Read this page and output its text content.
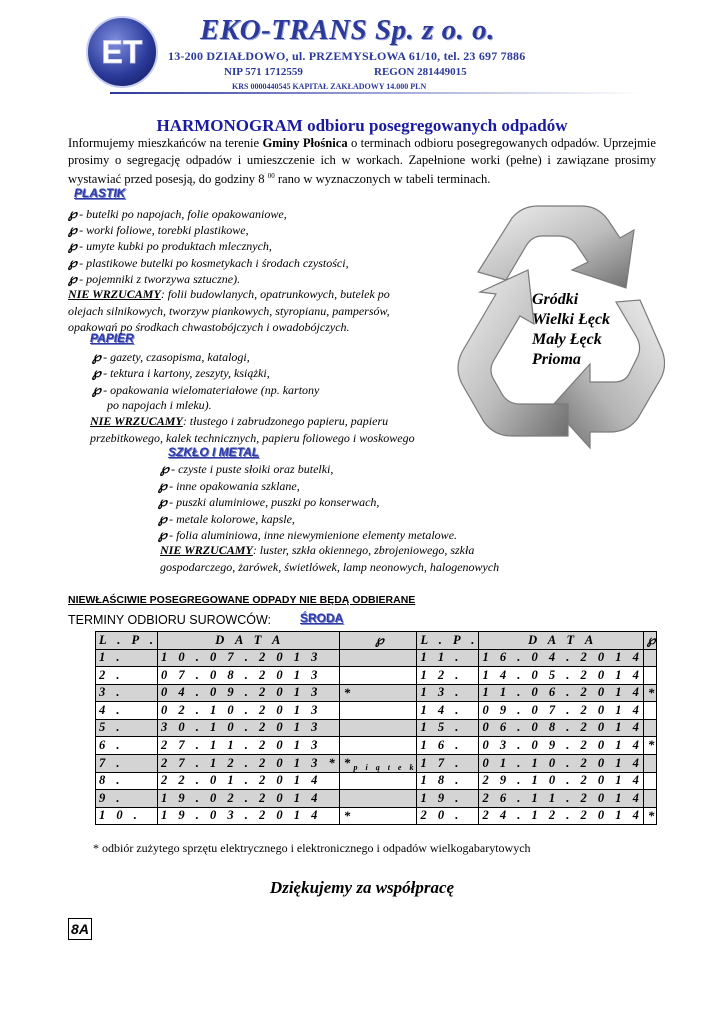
ET
EKO-TRANS Sp. z o. o.
13-200 DZIAŁDOWO, ul. PRZEMYSŁOWA 61/10, tel. 23 697 7886
NIP 571 1712559	REGON 281449015
KRS 0000440545 KAPITAŁ ZAKŁADOWY 14.000 PLN
HARMONOGRAM odbioru posegregowanych odpadów
Informujemy mieszkańców na terenie Gminy Płośnica o terminach odbioru posegregowanych odpadów. Uprzejmie prosimy o segregację odpadów i umieszczenie ich w workach. Zapełnione worki (pełne) i zawiązane prosimy wystawiać przed posesją, do godziny 8 $^{00}$ rano w wyznaczonych w tabeli terminach.
PLASTIK
℘ - butelki po napojach, folie opakowaniowe,
℘ - worki foliowe, torebki plastikowe,
℘ - umyte kubki po produktach mlecznych,
℘ - plastikowe butelki po kosmetykach i środach czystości,
℘ - pojemniki z tworzywa sztuczne).
NIE WRZUCAMY: folii budowlanych, opatrunkowych, butelek po
olejach silnikowych, tworzyw piankowych, styropianu, pampersów,
opakowań po środkach chwastobójczych i owadobójczych.
PAPIER
℘ - gazety, czasopisma, katalogi,
℘ - tektura i kartony, zeszyty, książki,
℘ - opakowania wielomateriałowe (np. kartony
po napojach i mleku).
NIE WRZUCAMY: tłustego i zabrudzonego papieru, papieru
przebitkowego, kalek technicznych, papieru foliowego i woskowego
SZKŁO I METAL
℘ - czyste i puste słoiki oraz butelki,
℘ - inne opakowania szklane,
℘ - puszki aluminiowe, puszki po konserwach,
℘ - metale kolorowe, kapsle,
℘ - folia aluminiowa, inne niewymienione elementy metalowe.
NIE WRZUCAMY: luster, szkła okiennego, zbrojeniowego, szkła
gospodarczego, żarówek, świetlówek, lamp neonowych, halogenowych
Gródki
Wielki Łęck
Mały Łęck
Prioma
NIEWŁAŚCIWIE POSEGREGOWANE ODPADY NIE BĘDĄ ODBIERANE
TERMINY ODBIORU SUROWCÓW: ŚRODA
L . P .	D A T A	℘	L . P .	D A T A	℘
1 .	1 0 . 0 7 . 2 0 1 3		1 1 .	1 6 . 0 4 . 2 0 1 4	
2 .	0 7 . 0 8 . 2 0 1 3		1 2 .	1 4 . 0 5 . 2 0 1 4	
3 .	0 4 . 0 9 . 2 0 1 3	*	1 3 .	1 1 . 0 6 . 2 0 1 4	*
4 .	0 2 . 1 0 . 2 0 1 3		1 4 .	0 9 . 0 7 . 2 0 1 4	
5 .	3 0 . 1 0 . 2 0 1 3		1 5 .	0 6 . 0 8 . 2 0 1 4	
6 .	2 7 . 1 1 . 2 0 1 3		1 6 .	0 3 . 0 9 . 2 0 1 4	*
7 .	2 7 . 1 2 . 2 0 1 3 *	* $_{p i ą t e k}$	1 7 .	0 1 . 1 0 . 2 0 1 4	
8 .	2 2 . 0 1 . 2 0 1 4		1 8 .	2 9 . 1 0 . 2 0 1 4	
9 .	1 9 . 0 2 . 2 0 1 4		1 9 .	2 6 . 1 1 . 2 0 1 4	
1 0 .	1 9 . 0 3 . 2 0 1 4	*	2 0 .	2 4 . 1 2 . 2 0 1 4	*
* odbiór zużytego sprzętu elektrycznego i elektronicznego i odpadów wielkogabarytowych
Dziękujemy za współpracę
8A
